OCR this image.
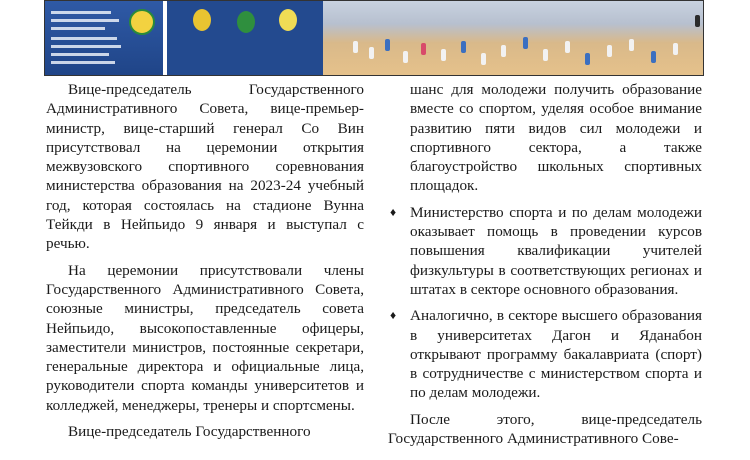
Вице-председатель Государственного Административного Совета, вице-премьер-министр, вице-старший генерал Со Вин присутствовал на церемонии открытия межвузовского спортивного соревнования министерства образования на 2023-24 учебный год, которая состоялась на стадионе Вунна Тейкди в Нейпьидо 9 января и выступал с речью.

На церемонии присутствовали члены Государственного Административного Совета, союзные министры, председатель совета Нейпьидо, высокопоставленные офицеры, заместители министров, постоянные секретари, генеральные директора и официальные лица, руководители спорта команды университетов и колледжей, менеджеры, тренеры и спортсмены.

Вице-председатель Государственного

шанс для молодежи получить образование вместе со спортом, уделяя особое внимание развитию пяти видов сил молодежи и спортивного сектора, а также благоустройство школьных спортивных площадок.

♦ Министерство спорта и по делам молодежи оказывает помощь в проведении курсов повышения квалификации учителей физкультуры в соответствующих регионах и штатах в секторе основного образования.

♦ Аналогично, в секторе высшего образования в университетах Дагон и Яданабон открывают программу бакалавриата (спорт) в сотрудничестве с министерством спорта и по делам молодежи.

После этого, вице-председатель Государственного Административного Сове-
